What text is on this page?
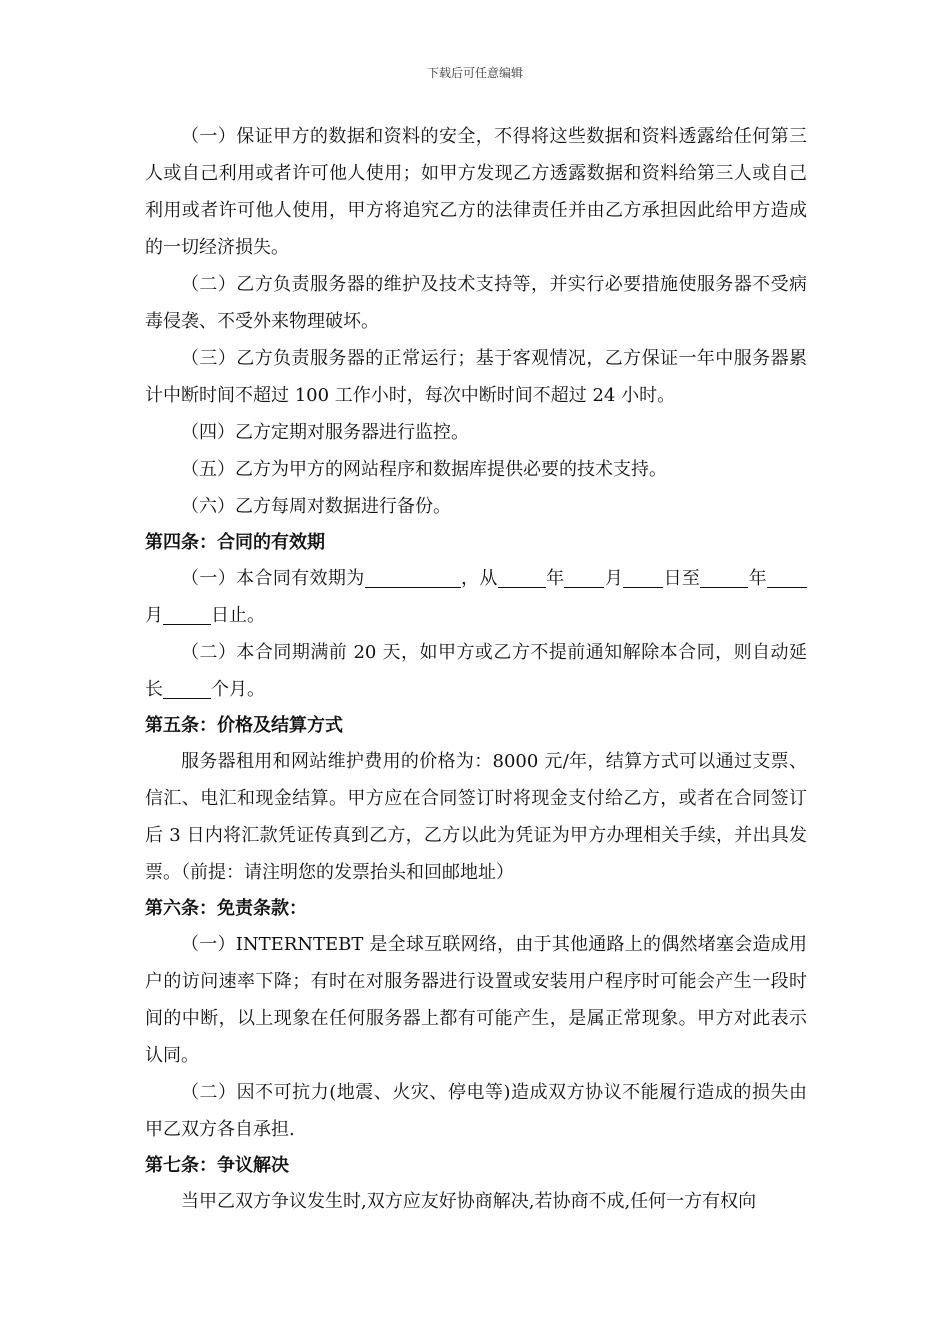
下载后可任意编辑

（一）保证甲方的数据和资料的安全，不得将这些数据和资料透露给任何第三人或自己利用或者许可他人使用；如甲方发现乙方透露数据和资料给第三人或自己利用或者许可他人使用，甲方将追究乙方的法律责任并由乙方承担因此给甲方造成的一切经济损失。

（二）乙方负责服务器的维护及技术支持等，并实行必要措施使服务器不受病毒侵袭、不受外来物理破坏。

（三）乙方负责服务器的正常运行；基于客观情况，乙方保证一年中服务器累计中断时间不超过 100 工作小时，每次中断时间不超过 24 小时。

（四）乙方定期对服务器进行监控。

（五）乙方为甲方的网站程序和数据库提供必要的技术支持。

（六）乙方每周对数据进行备份。

第四条：合同的有效期

（一）本合同有效期为	，从	年 月 日至	年月	日止。

（二）本合同期满前 20 天，如甲方或乙方不提前通知解除本合同，则自动延长	个月。

第五条：价格及结算方式

服务器租用和网站维护费用的价格为：8000 元/年，结算方式可以通过支票、信汇、电汇和现金结算。甲方应在合同签订时将现金支付给乙方，或者在合同签订后 3 日内将汇款凭证传真到乙方，乙方以此为凭证为甲方办理相关手续，并出具发票。（前提：请注明您的发票抬头和回邮地址）

第六条：免责条款：

（一）INTERNTEBT 是全球互联网络，由于其他通路上的偶然堵塞会造成用户的访问速率下降；有时在对服务器进行设置或安装用户程序时可能会产生一段时间的中断，以上现象在任何服务器上都有可能产生，是属正常现象。甲方对此表示认同。

（二）因不可抗力(地震、火灾、停电等)造成双方协议不能履行造成的损失由甲乙双方各自承担.

第七条：争议解决

当甲乙双方争议发生时,双方应友好协商解决,若协商不成,任何一方有权向
